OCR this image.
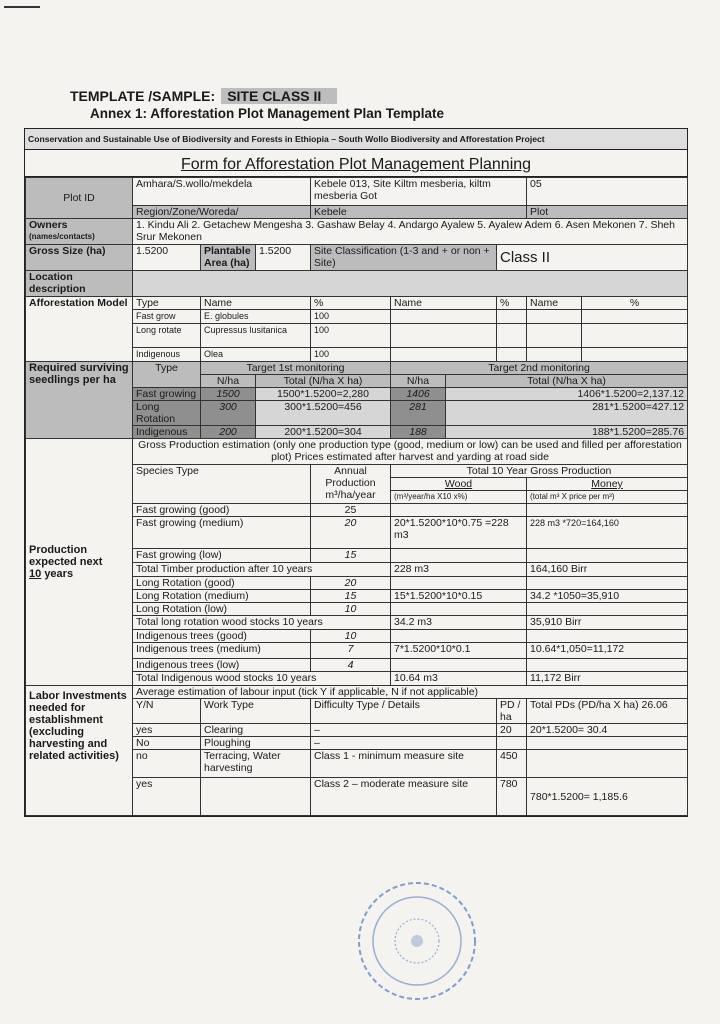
TEMPLATE /SAMPLE: SITE CLASS II
Annex 1: Afforestation Plot Management Plan Template
Conservation and Sustainable Use of Biodiversity and Forests in Ethiopia – South Wollo Biodiversity and Afforestation Project
Form for Afforestation Plot Management Planning
Plot ID	Amhara/S.wollo/mekdela			Kebele 013, Site Kiltm mesberia, kiltm mesberia Got				05	
	Region/Zone/Woreda/			Kebele				Plot	

Owners
(names/contacts)	1. Kindu Ali 2. Getachew Mengesha 3. Gashaw Belay 4. Andargo Ayalew 5. Ayalew Adem 6. Asen Mekonen 7. Sheh Srur Mekonen								
Gross Size (ha)	1.5200	Plantable Area (ha)	1.5200	Site Classification (1-3 and + or non + Site)			Class II		
Location description									
Afforestation Model	Type	Name		%	Name		%	Name	%
	Fast grow	E. globules		100					
	Long rotate	Cupressus lusitanica		100					
	Indigenous	Olea		100					
Required surviving seedlings per ha	Type	Target 1st monitoring			Target 2nd monitoring				
		N/ha	Total (N/ha X ha)		N/ha	Total (N/ha X ha)			
	Fast growing	1500	1500*1.5200=2,280		1406	1406*1.5200=2,137.12			
	Long Rotation	300	300*1.5200=456		281	281*1.5200=427.12			
	Indigenous	200	200*1.5200=304		188	188*1.5200=285.76			

Production expected next
10 years	Gross Production estimation (only one production type (good, medium or low) can be used and filled per afforestation plot) Prices estimated after harvest and yarding at road side								
	Species Type			Annual Production m³/ha/year	Total 10 Year Gross Production				
					Wood			Money	
					(m³/year/ha X10 x%)			(total m³ X price per m³)	
	Fast growing (good)			25					
	Fast growing (medium)			20	20*1.5200*10*0.75 =228 m3			228 m3 *720=164,160	
	Fast growing (low)			15					
	Total Timber production after 10 years				228 m3			164,160 Birr	
	Long Rotation (good)			20					
	Long Rotation (medium)			15	15*1.5200*10*0.15			34.2 *1050=35,910	
	Long Rotation (low)			10					
	Total long rotation wood stocks 10 years				34.2 m3			35,910 Birr	
	Indigenous trees (good)			10					
	Indigenous trees (medium)			7	7*1.5200*10*0.1			10.64*1,050=11,172	
	Indigenous trees (low)			4					
	Total Indigenous wood stocks 10 years				10.64 m3			11,172 Birr	
Labor Investments needed for establishment (excluding harvesting and related activities)	Average estimation of labour input (tick Y if applicable, N if not applicable)								
	Y/N	Work Type		Difficulty Type / Details			PD / ha	Total PDs (PD/ha X ha) 26.06	
	yes	Clearing		–			20	20*1.5200= 30.4	
	No	Ploughing		–					
	no	Terracing, Water harvesting		Class 1 - minimum measure site			450		
	yes			Class 2 – moderate measure site			780	780*1.5200= 1,185.6	
